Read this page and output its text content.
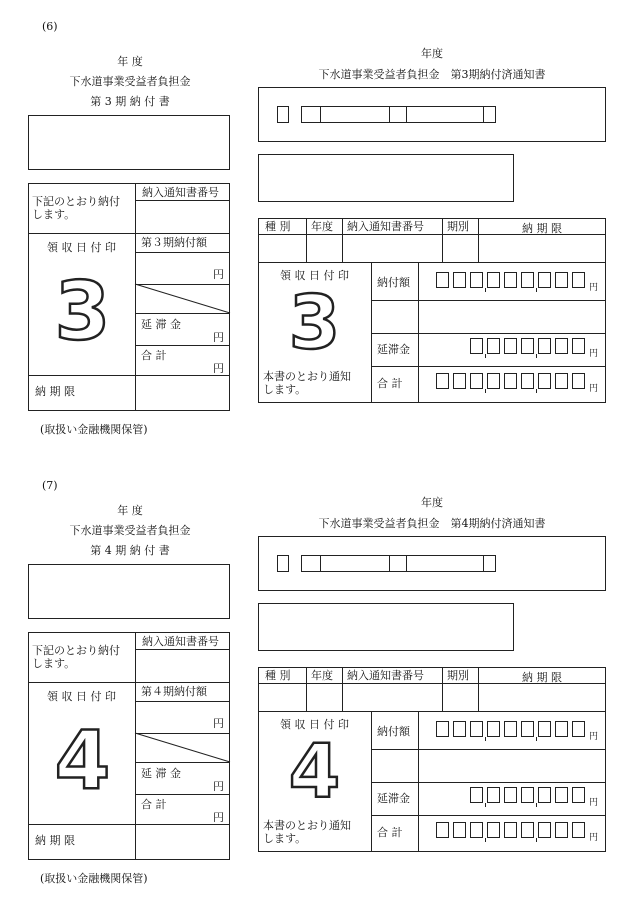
(6)
年 度
下水道事業受益者負担金
第 3 期 納 付 書
下記のとおり納付
します。
納入通知書番号
領 収 日 付 印
3
第３期納付額
円
延 滞 金
円
合 計
円
納 期 限
(取扱い金融機関保管)
年度
下水道事業受益者負担金　第3期納付済通知書
種 別 年度 納入通知書番号 期別	納 期 限
領 収 日 付 印
3
本書のとおり通知
します。
納付額
延滞金
合 計
円
円
円
(7)
年 度
下水道事業受益者負担金
第 4 期 納 付 書
下記のとおり納付
します。
納入通知書番号
領 収 日 付 印
4
第４期納付額
円
延 滞 金
円
合 計
円
納 期 限
(取扱い金融機関保管)
年度
下水道事業受益者負担金　第4期納付済通知書
種 別 年度 納入通知書番号 期別	納 期 限
領 収 日 付 印
4
本書のとおり通知
します。
納付額
延滞金
合 計
円
円
円
